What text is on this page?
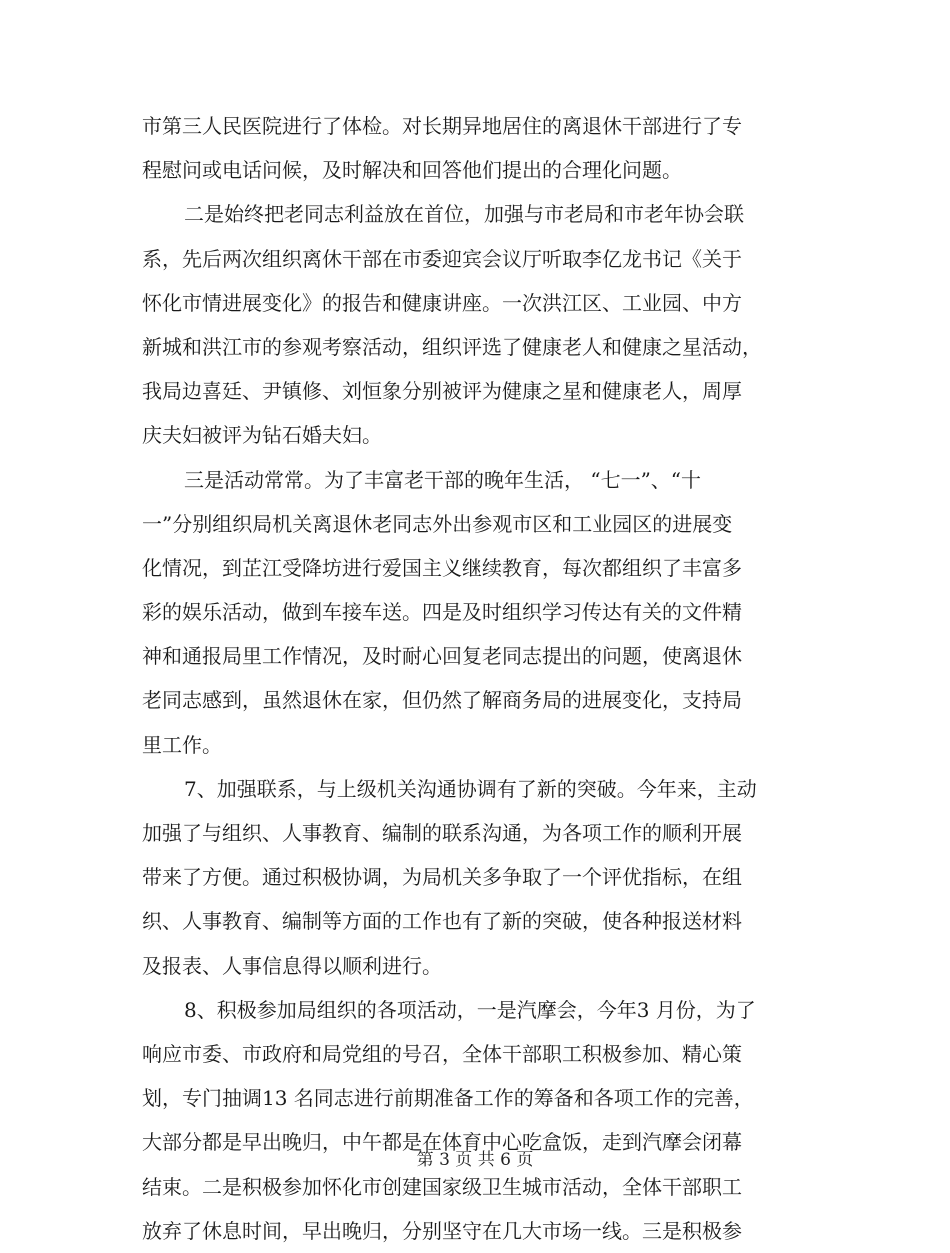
市第三人民医院进行了体检。对长期异地居住的离退休干部进行了专
程慰问或电话问候，及时解决和回答他们提出的合理化问题。
二是始终把老同志利益放在首位，加强与市老局和市老年协会联
系，先后两次组织离休干部在市委迎宾会议厅听取李亿龙书记《关于
怀化市情进展变化》的报告和健康讲座。一次洪江区、工业园、中方
新城和洪江市的参观考察活动，组织评选了健康老人和健康之星活动，
我局边喜廷、尹镇修、刘恒象分别被评为健康之星和健康老人，周厚
庆夫妇被评为钻石婚夫妇。
三是活动常常。为了丰富老干部的晚年生活， “七一”、“十
一”分别组织局机关离退休老同志外出参观市区和工业园区的进展变
化情况，到芷江受降坊进行爱国主义继续教育，每次都组织了丰富多
彩的娱乐活动，做到车接车送。四是及时组织学习传达有关的文件精
神和通报局里工作情况，及时耐心回复老同志提出的问题，使离退休
老同志感到，虽然退休在家，但仍然了解商务局的进展变化，支持局
里工作。
7、加强联系，与上级机关沟通协调有了新的突破。今年来，主动
加强了与组织、人事教育、编制的联系沟通，为各项工作的顺利开展
带来了方便。通过积极协调，为局机关多争取了一个评优指标，在组
织、人事教育、编制等方面的工作也有了新的突破，使各种报送材料
及报表、人事信息得以顺利进行。
8、积极参加局组织的各项活动，一是汽摩会，今年3 月份，为了
响应市委、市政府和局党组的号召，全体干部职工积极参加、精心策
划，专门抽调13 名同志进行前期准备工作的筹备和各项工作的完善，
大部分都是早出晚归，中午都是在体育中心吃盒饭，走到汽摩会闭幕
结束。二是积极参加怀化市创建国家级卫生城市活动，全体干部职工
放弃了休息时间，早出晚归，分别坚守在几大市场一线。三是积极参
第 3 页 共 6 页
